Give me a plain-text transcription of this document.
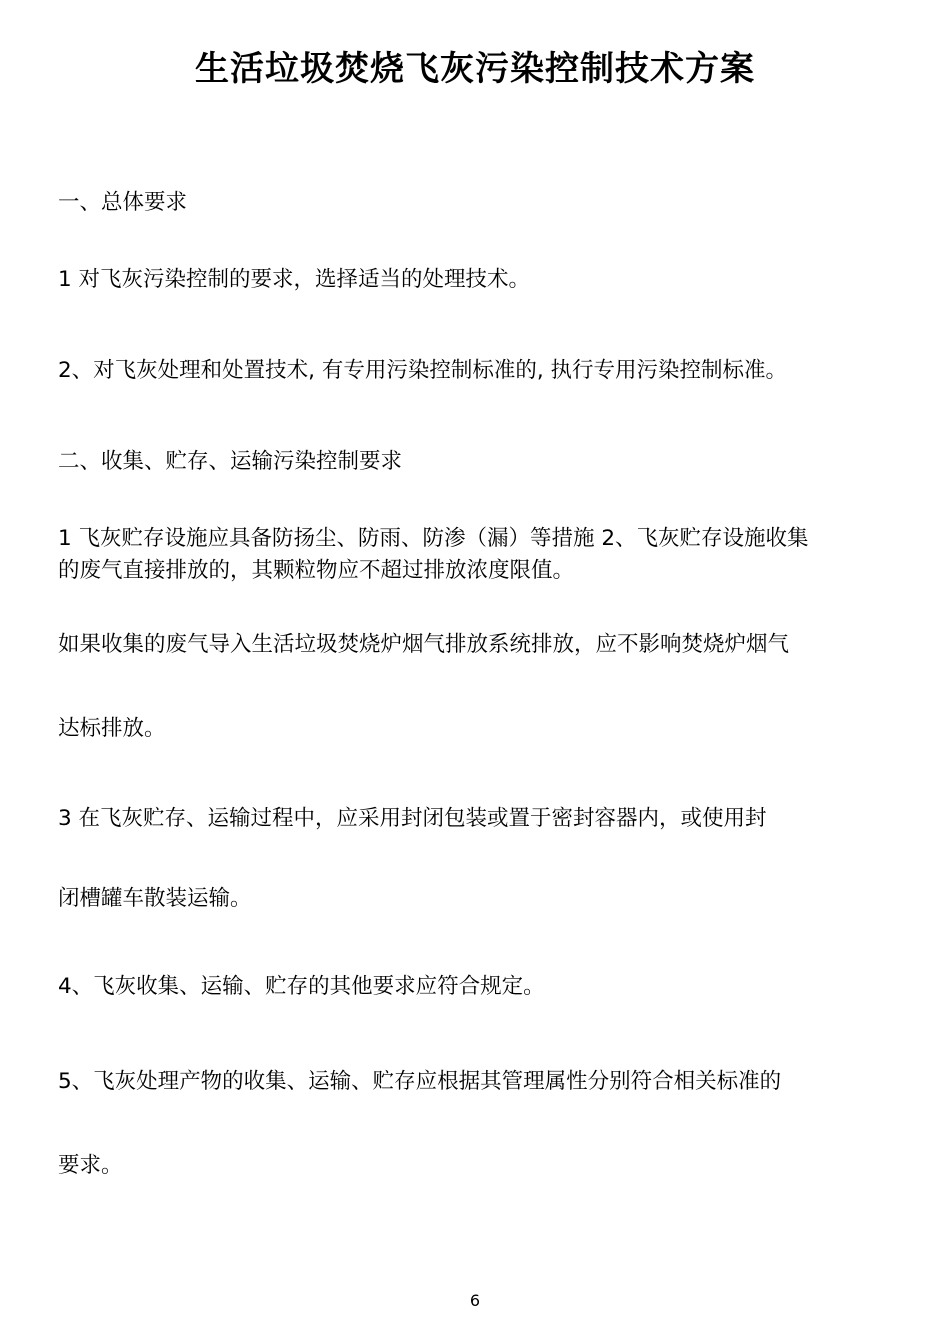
生活垃圾焚烧飞灰污染控制技术方案
一、总体要求
1 对飞灰污染控制的要求，选择适当的处理技术。
2、对飞灰处理和处置技术, 有专用污染控制标准的, 执行专用污染控制标准。
二、收集、贮存、运输污染控制要求
1 飞灰贮存设施应具备防扬尘、防雨、防渗（漏）等措施 2、飞灰贮存设施收集
的废气直接排放的，其颗粒物应不超过排放浓度限值。
如果收集的废气导入生活垃圾焚烧炉烟气排放系统排放，应不影响焚烧炉烟气
达标排放。
3 在飞灰贮存、运输过程中，应采用封闭包装或置于密封容器内，或使用封
闭槽罐车散装运输。
4、飞灰收集、运输、贮存的其他要求应符合规定。
5、飞灰处理产物的收集、运输、贮存应根据其管理属性分别符合相关标准的
要求。
6
